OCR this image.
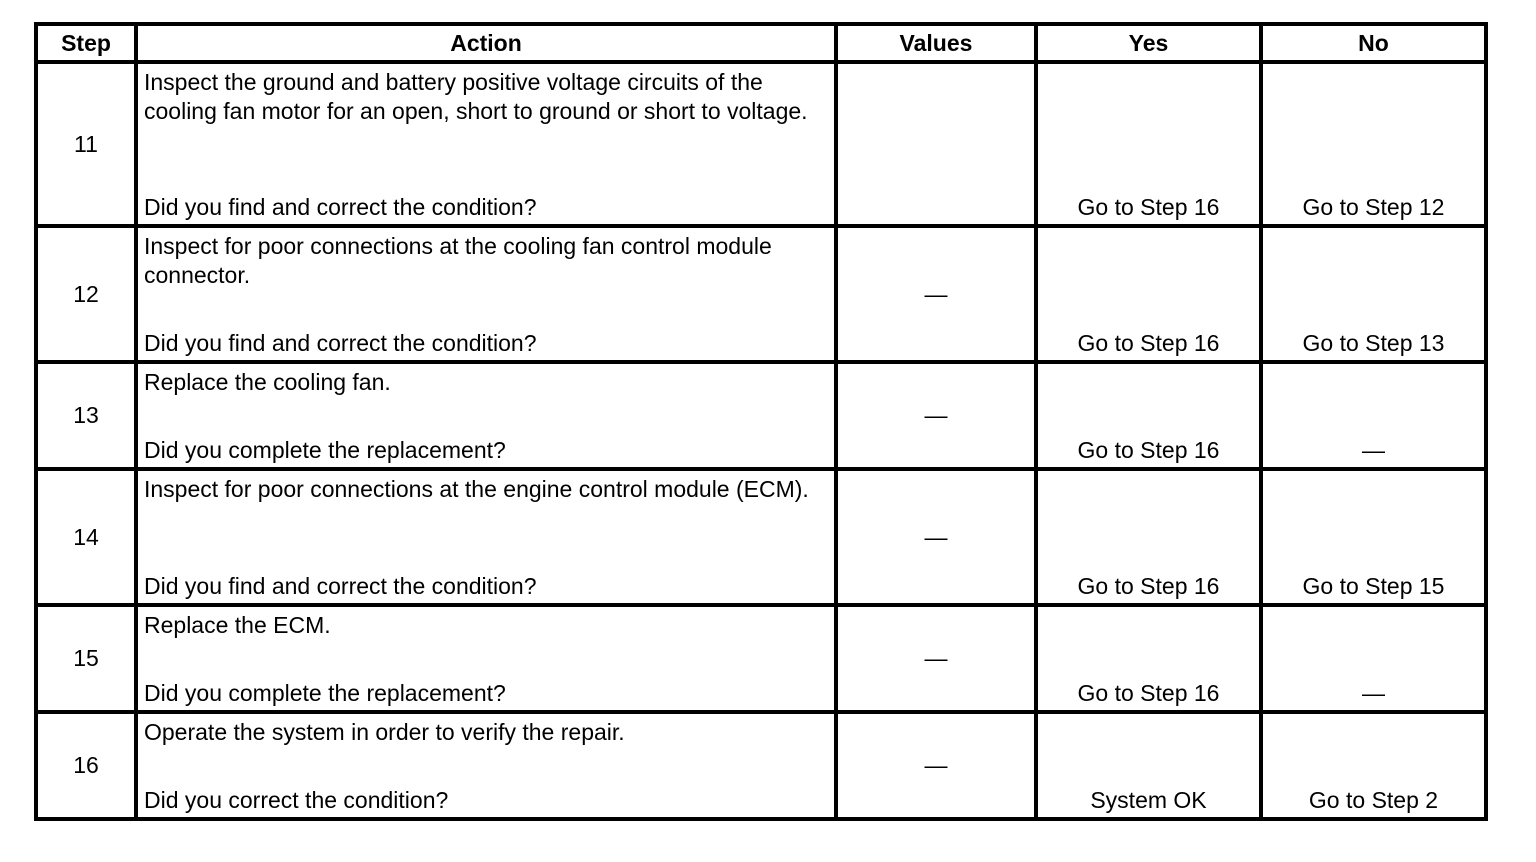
Step	Action	Values	Yes	No
11	Inspect the ground and battery positive voltage circuits of the cooling fan motor for an open, short to ground or short to voltage.
Did you find and correct the condition?		Go to Step 16	Go to Step 12

12	Inspect for poor connections at the cooling fan control module connector.
Did you find and correct the condition?	—	Go to Step 16	Go to Step 13

13	Replace the cooling fan.
Did you complete the replacement?	—	Go to Step 16	—

14	Inspect for poor connections at the engine control module (ECM).
Did you find and correct the condition?	—	Go to Step 16	Go to Step 15

15	Replace the ECM.
Did you complete the replacement?	—	Go to Step 16	—

16	Operate the system in order to verify the repair.
Did you correct the condition?	—	System OK	Go to Step 2
